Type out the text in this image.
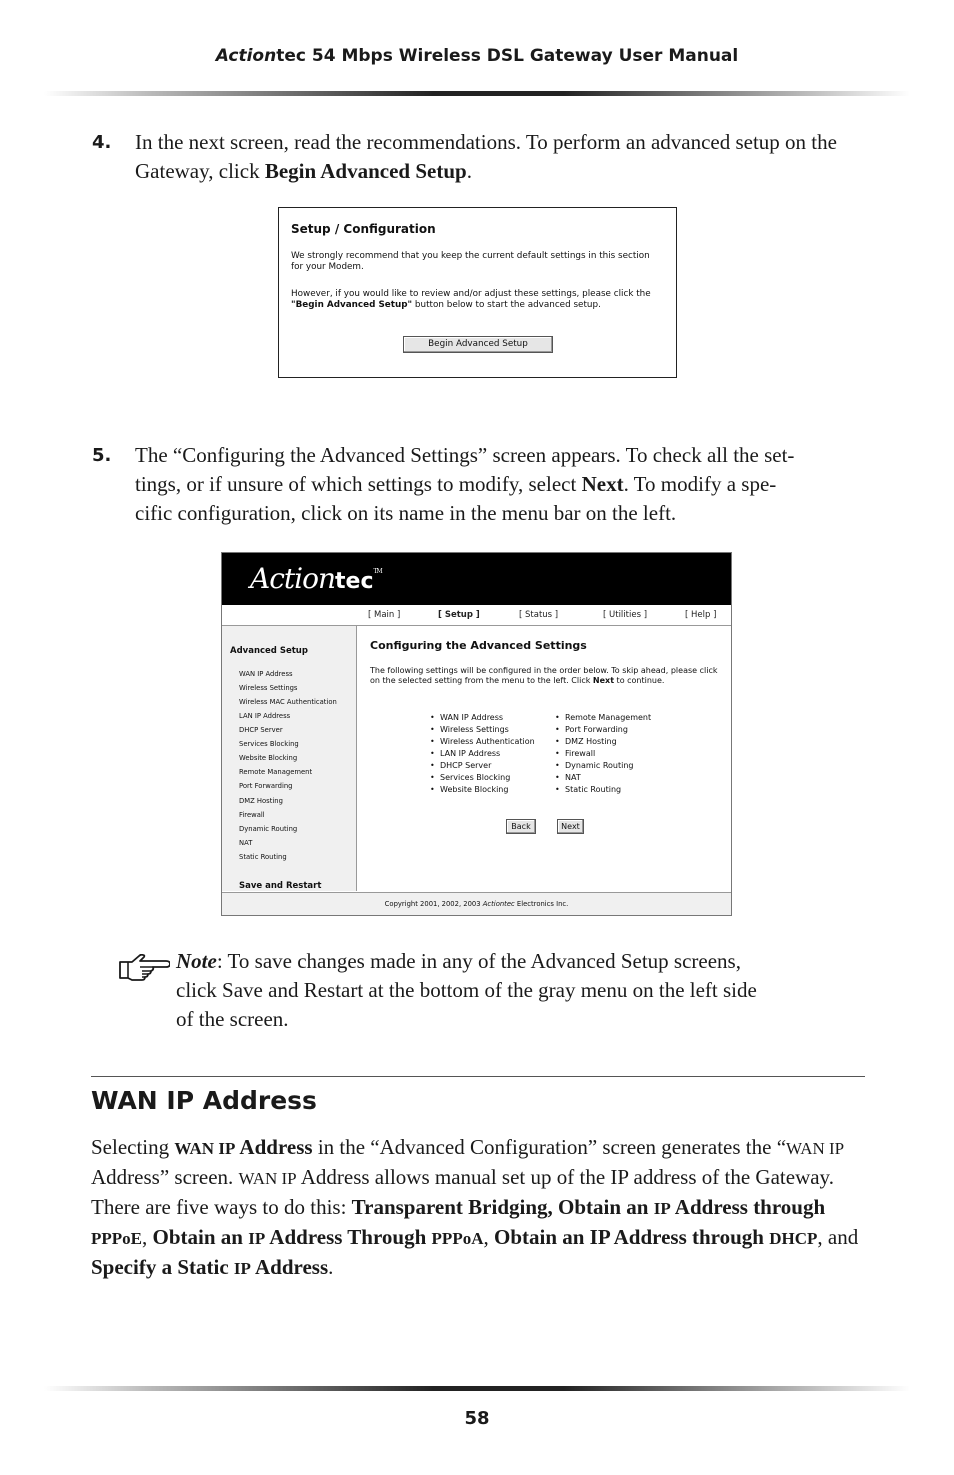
Actiontec 54 Mbps Wireless DSL Gateway User Manual
4. In the next screen, read the recommendations. To perform an advanced setup on the Gateway, click Begin Advanced Setup.
Setup / Configuration
We strongly recommend that you keep the current default settings in this section for your Modem.
However, if you would like to review and/or adjust these settings, please click the "Begin Advanced Setup" button below to start the advanced setup.
Begin Advanced Setup
5. The “Configuring the Advanced Settings” screen appears. To check all the set-
tings, or if unsure of which settings to modify, select Next. To modify a spe-
cific configuration, click on its name in the menu bar on the left.
Actiontec™
[ Main ]	[ Setup ]	[ Status ]	[ Utilities ]	[ Help ]
Advanced Setup
WAN IP Address
Wireless Settings
Wireless MAC Authentication
LAN IP Address
DHCP Server
Services Blocking
Website Blocking
Remote Management
Port Forwarding
DMZ Hosting
Firewall
Dynamic Routing
NAT
Static Routing
Save and Restart
Configuring the Advanced Settings
The following settings will be configured in the order below. To skip ahead, please click on the selected setting from the menu to the left. Click Next to continue.
• WAN IP Address
• Wireless Settings
• Wireless Authentication
• LAN IP Address
• DHCP Server
• Services Blocking
• Website Blocking
• Remote Management
• Port Forwarding
• DMZ Hosting
• Firewall
• Dynamic Routing
• NAT
• Static Routing
Back	Next
Copyright 2001, 2002, 2003 Actiontec Electronics Inc.
Note: To save changes made in any of the Advanced Setup screens, click Save and Restart at the bottom of the gray menu on the left side of the screen.
WAN IP Address
Selecting WAN IP Address in the “Advanced Configuration” screen generates the “WAN IP Address” screen. WAN IP Address allows manual set up of the IP address of the Gateway. There are five ways to do this: Transparent Bridging, Obtain an IP Address through PPPoE, Obtain an IP Address Through PPPoA, Obtain an IP Address through DHCP, and Specify a Static IP Address.
58
